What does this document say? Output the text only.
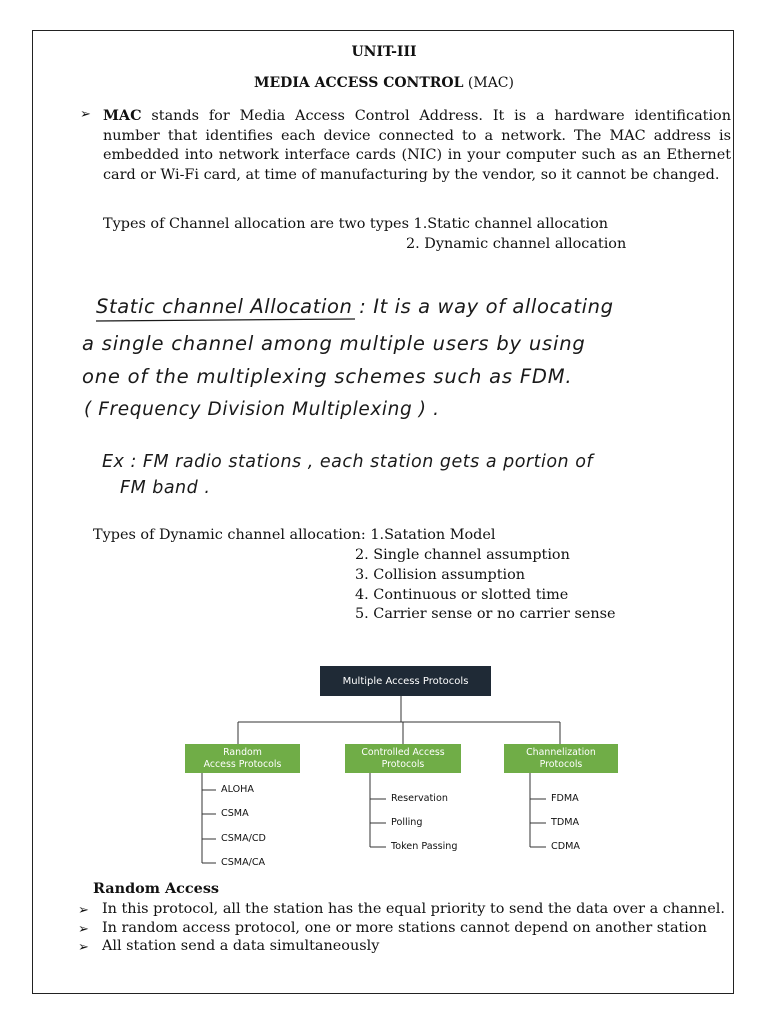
UNIT-III
MEDIA ACCESS CONTROL (MAC)
➢ MAC stands for Media Access Control Address. It is a hardware identification number that identifies each device connected to a network. The MAC address is embedded into network interface cards (NIC) in your computer such as an Ethernet card or Wi-Fi card, at time of manufacturing by the vendor, so it cannot be changed.
Types of Channel allocation are two types 1.Static channel allocation
2. Dynamic channel allocation
Static channel Allocation : It is a way of allocating
a single channel among multiple users by using
one of the multiplexing schemes such as FDM.
( Frequency Division Multiplexing ) .
Ex : FM radio stations , each station gets a portion of
FM band .
Types of Dynamic channel allocation: 1.Satation Model
2. Single channel assumption
3. Collision assumption
4. Continuous or slotted time
5. Carrier sense or no carrier sense
Multiple Access Protocols
Random
Access Protocols
Controlled Access
Protocols
Channelization
Protocols
ALOHA
CSMA
CSMA/CD
CSMA/CA
Reservation
Polling
Token Passing
FDMA
TDMA
CDMA
Random Access
➢ In this protocol, all the station has the equal priority to send the data over a channel.
➢ In random access protocol, one or more stations cannot depend on another station
➢ All station send a data simultaneously
